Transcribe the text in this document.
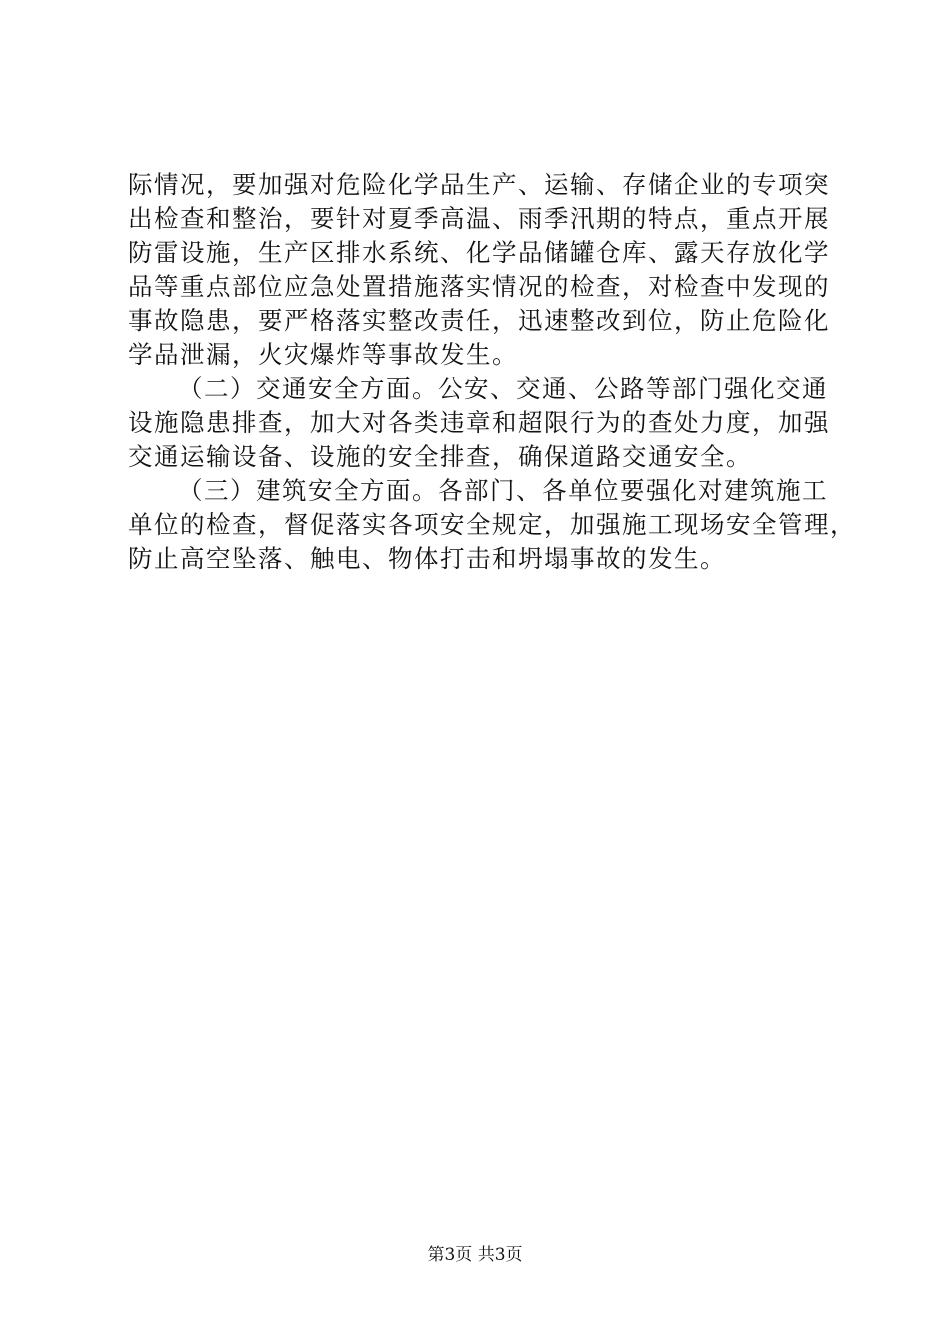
际情况，要加强对危险化学品生产、运输、存储企业的专项突
出检查和整治，要针对夏季高温、雨季汛期的特点，重点开展
防雷设施，生产区排水系统、化学品储罐仓库、露天存放化学
品等重点部位应急处置措施落实情况的检查，对检查中发现的
事故隐患，要严格落实整改责任，迅速整改到位，防止危险化
学品泄漏，火灾爆炸等事故发生。
（二）交通安全方面。公安、交通、公路等部门强化交通
设施隐患排查，加大对各类违章和超限行为的查处力度，加强
交通运输设备、设施的安全排查，确保道路交通安全。
（三）建筑安全方面。各部门、各单位要强化对建筑施工
单位的检查，督促落实各项安全规定，加强施工现场安全管理，
防止高空坠落、触电、物体打击和坍塌事故的发生。
第3页 共3页
